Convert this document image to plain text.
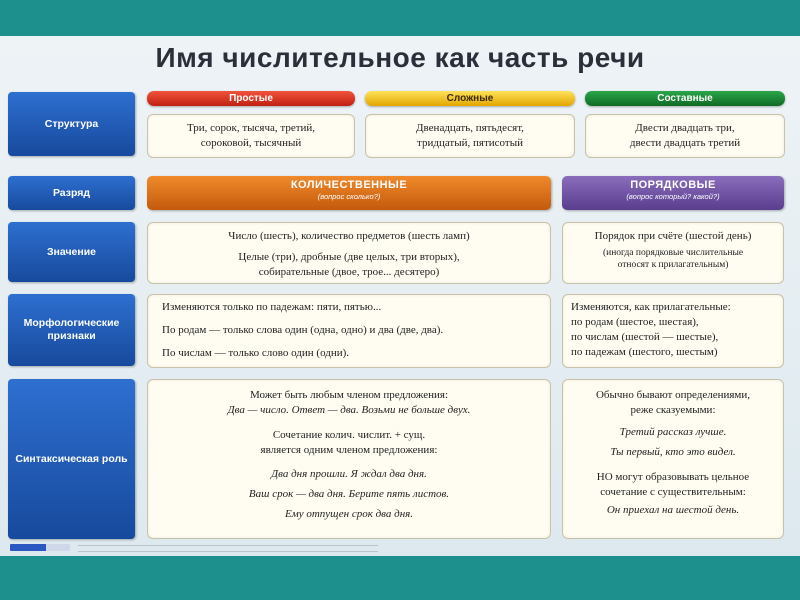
Имя числительное как часть речи
Структура
Разряд
Значение
Морфологические признаки
Синтаксическая роль
Простые	Сложные	Составные
Три, сорок, тысяча, третий,
сороковой, тысячный
Двенадцать, пятьдесят,
тридцатый, пятисотый
Двести двадцать три,
двести двадцать третий
КОЛИЧЕСТВЕННЫЕ
(вопрос сколько?)
ПОРЯДКОВЫЕ
(вопрос который? какой?)
Число (шесть), количество предметов (шесть ламп)
Целые (три), дробные (две целых, три вторых),
собирательные (двое, трое... десятеро)
Порядок при счёте (шестой день)
(иногда порядковые числительные
относят к прилагательным)
Изменяются только по падежам: пяти, пятью...
По родам — только слова один (одна, одно) и два (две, два).
По числам — только слово один (одни).
Изменяются, как прилагательные:
по родам (шестое, шестая),
по числам (шестой — шестые),
по падежам (шестого, шестым)
Может быть любым членом предложения:
Два — число. Ответ — два. Возьми не больше двух.
Сочетание колич. числит. + сущ.
является одним членом предложения:
Два дня прошли. Я ждал два дня.
Ваш срок — два дня. Берите пять листов.
Ему отпущен срок два дня.
Обычно бывают определениями,
реже сказуемыми:
Третий рассказ лучше.
Ты первый, кто это видел.
НО могут образовывать цельное
сочетание с существительным:
Он приехал на шестой день.
